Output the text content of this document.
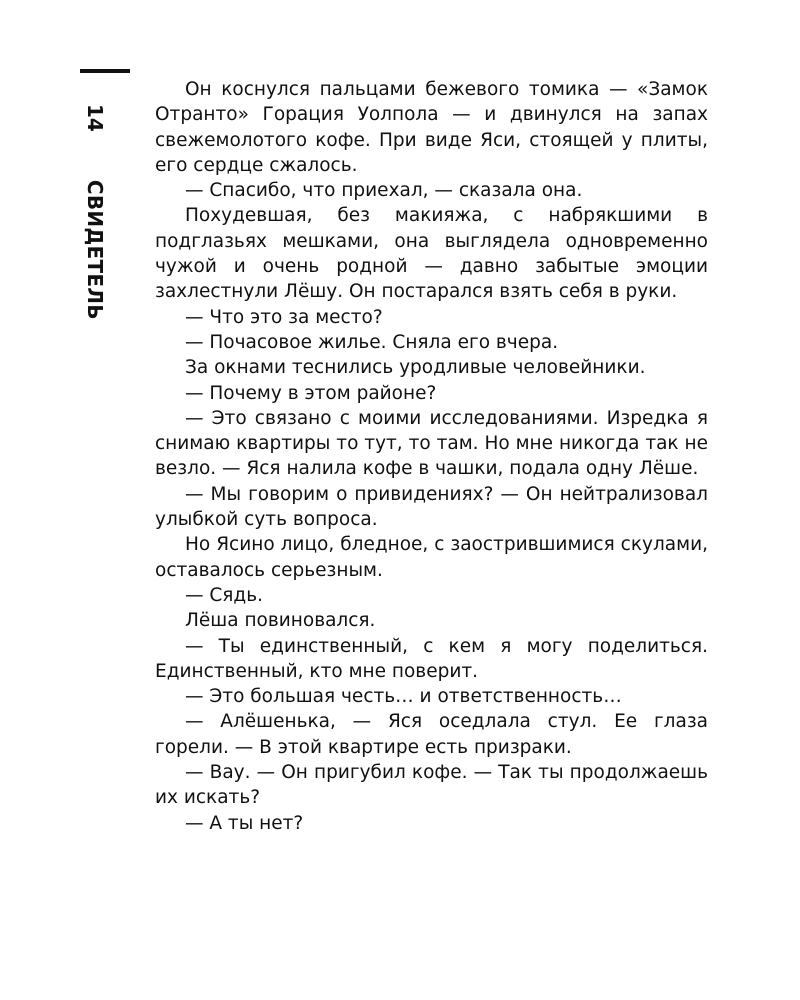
14СВИДЕТЕЛЬ

Он коснулся пальцами бежевого томика — «Замок Отранто» Горация Уолпола — и двинулся на запах свежемолотого кофе. При виде Яси, стоящей у плиты, его сердце сжалось.

— Спасибо, что приехал, — сказала она.

Похудевшая, без макияжа, с набрякшими в подглазьях мешками, она выглядела одновременно чужой и очень родной — давно забытые эмоции захлестнули Лёшу. Он постарался взять себя в руки.

— Что это за место?

— Почасовое жилье. Сняла его вчера.

За окнами теснились уродливые человейники.

— Почему в этом районе?

— Это связано с моими исследованиями. Изредка я снимаю квартиры то тут, то там. Но мне никогда так не везло. — Яся налила кофе в чашки, подала одну Лёше.

— Мы говорим о привидениях? — Он нейтрализовал улыбкой суть вопроса.

Но Ясино лицо, бледное, с заострившимися скулами, оставалось серьезным.

— Сядь.

Лёша повиновался.

— Ты единственный, с кем я могу поделиться. Единственный, кто мне поверит.

— Это большая честь… и ответственность…

— Алёшенька, — Яся оседлала стул. Ее глаза горели. — В этой квартире есть призраки.

— Вау. — Он пригубил кофе. — Так ты продолжаешь их искать?

— А ты нет?
